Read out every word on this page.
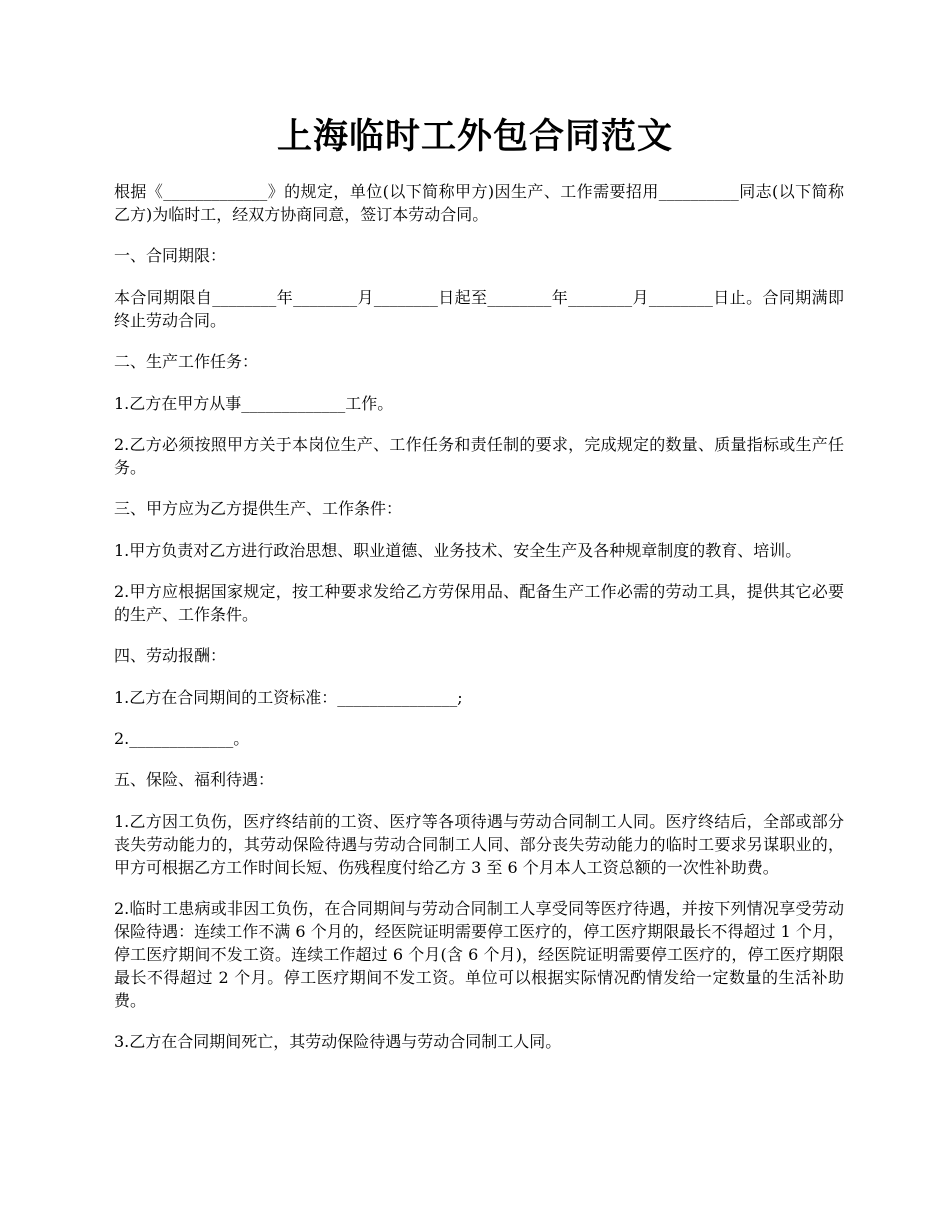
上海临时工外包合同范文

根据《_____________》的规定，单位(以下简称甲方)因生产、工作需要招用__________同志(以下简称乙方)为临时工，经双方协商同意，签订本劳动合同。

一、合同期限：

本合同期限自________年________月________日起至________年________月________日止。合同期满即终止劳动合同。

二、生产工作任务：

1.乙方在甲方从事_____________工作。

2.乙方必须按照甲方关于本岗位生产、工作任务和责任制的要求，完成规定的数量、质量指标或生产任务。

三、甲方应为乙方提供生产、工作条件：

1.甲方负责对乙方进行政治思想、职业道德、业务技术、安全生产及各种规章制度的教育、培训。

2.甲方应根据国家规定，按工种要求发给乙方劳保用品、配备生产工作必需的劳动工具，提供其它必要的生产、工作条件。

四、劳动报酬：

1.乙方在合同期间的工资标准：_______________;

2._____________。

五、保险、福利待遇：

1.乙方因工负伤，医疗终结前的工资、医疗等各项待遇与劳动合同制工人同。医疗终结后，全部或部分丧失劳动能力的，其劳动保险待遇与劳动合同制工人同、部分丧失劳动能力的临时工要求另谋职业的，甲方可根据乙方工作时间长短、伤残程度付给乙方 3 至 6 个月本人工资总额的一次性补助费。

2.临时工患病或非因工负伤，在合同期间与劳动合同制工人享受同等医疗待遇，并按下列情况享受劳动保险待遇：连续工作不满 6 个月的，经医院证明需要停工医疗的，停工医疗期限最长不得超过 1 个月，停工医疗期间不发工资。连续工作超过 6 个月(含 6 个月)，经医院证明需要停工医疗的，停工医疗期限最长不得超过 2 个月。停工医疗期间不发工资。单位可以根据实际情况酌情发给一定数量的生活补助费。

3.乙方在合同期间死亡，其劳动保险待遇与劳动合同制工人同。
